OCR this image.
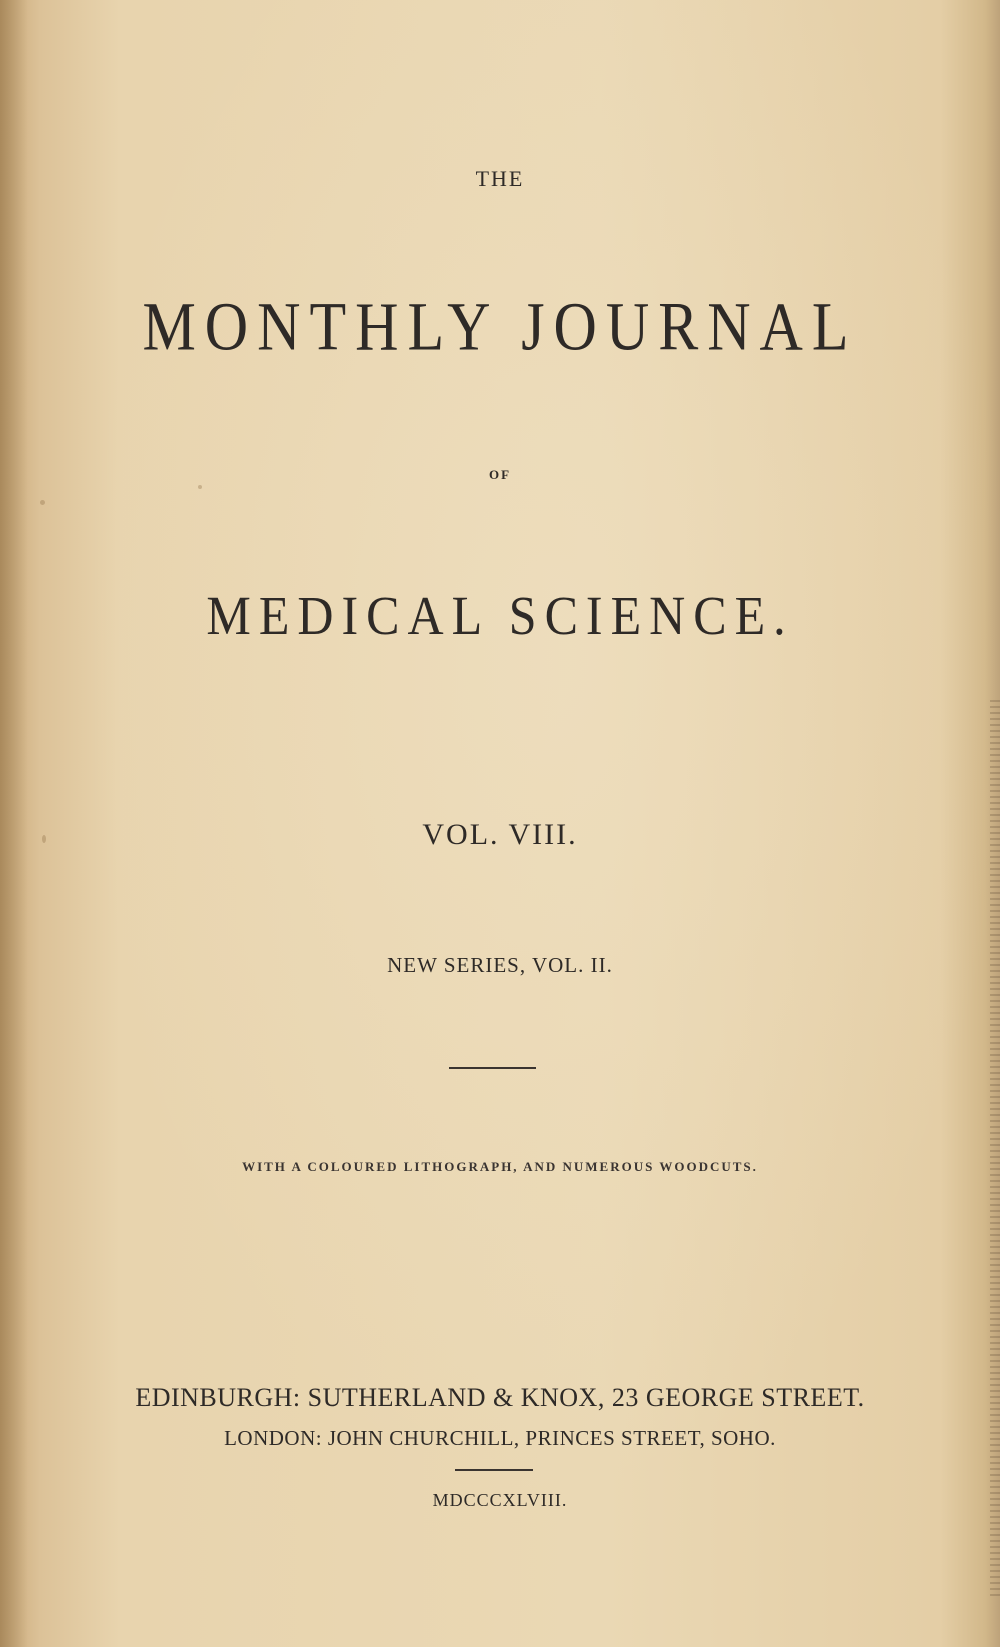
THE
MONTHLY JOURNAL
OF
MEDICAL SCIENCE.
VOL. VIII.
NEW SERIES, VOL. II.
WITH A COLOURED LITHOGRAPH, AND NUMEROUS WOODCUTS.
EDINBURGH: SUTHERLAND & KNOX, 23 GEORGE STREET.
LONDON: JOHN CHURCHILL, PRINCES STREET, SOHO.
MDCCCXLVIII.
